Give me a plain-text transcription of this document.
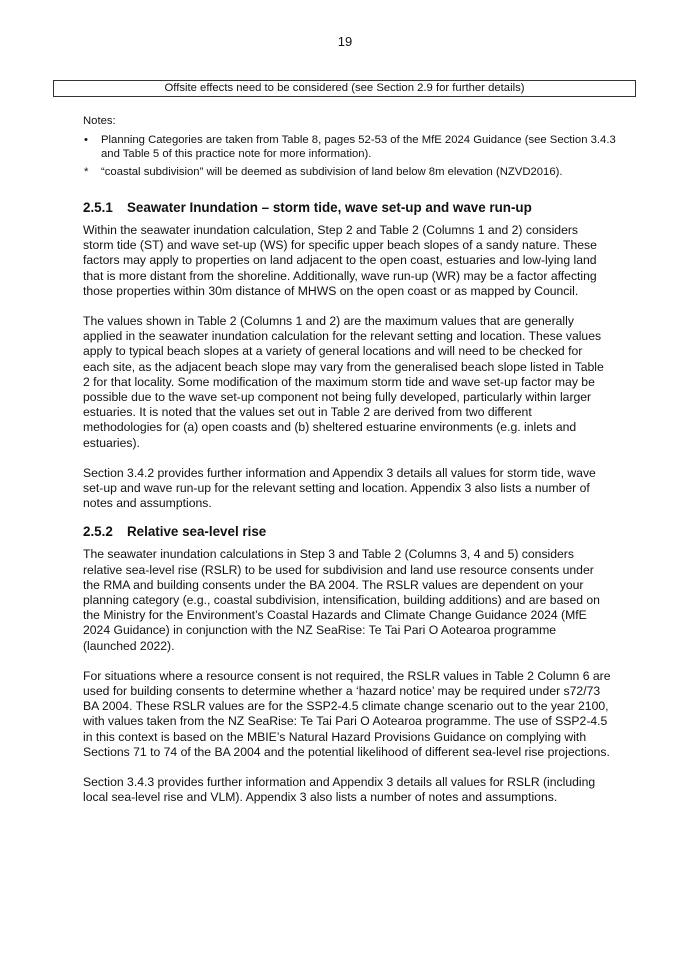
19
Offsite effects need to be considered (see Section 2.9 for further details)
Notes:
• Planning Categories are taken from Table 8, pages 52-53 of the MfE 2024 Guidance (see Section 3.4.3 and Table 5 of this practice note for more information).
* “coastal subdivision” will be deemed as subdivision of land below 8m elevation (NZVD2016).
2.5.1 Seawater Inundation – storm tide, wave set-up and wave run-up

Within the seawater inundation calculation, Step 2 and Table 2 (Columns 1 and 2) considers storm tide (ST) and wave set-up (WS) for specific upper beach slopes of a sandy nature. These factors may apply to properties on land adjacent to the open coast, estuaries and low-lying land that is more distant from the shoreline. Additionally, wave run-up (WR) may be a factor affecting those properties within 30m distance of MHWS on the open coast or as mapped by Council.

The values shown in Table 2 (Columns 1 and 2) are the maximum values that are generally applied in the seawater inundation calculation for the relevant setting and location. These values apply to typical beach slopes at a variety of general locations and will need to be checked for each site, as the adjacent beach slope may vary from the generalised beach slope listed in Table 2 for that locality. Some modification of the maximum storm tide and wave set-up factor may be possible due to the wave set-up component not being fully developed, particularly within larger estuaries. It is noted that the values set out in Table 2 are derived from two different methodologies for (a) open coasts and (b) sheltered estuarine environments (e.g. inlets and estuaries).

Section 3.4.2 provides further information and Appendix 3 details all values for storm tide, wave set-up and wave run-up for the relevant setting and location. Appendix 3 also lists a number of notes and assumptions.

2.5.2 Relative sea-level rise

The seawater inundation calculations in Step 3 and Table 2 (Columns 3, 4 and 5) considers relative sea-level rise (RSLR) to be used for subdivision and land use resource consents under the RMA and building consents under the BA 2004. The RSLR values are dependent on your planning category (e.g., coastal subdivision, intensification, building additions) and are based on the Ministry for the Environment’s Coastal Hazards and Climate Change Guidance 2024 (MfE 2024 Guidance) in conjunction with the NZ SeaRise: Te Tai Pari O Aotearoa programme (launched 2022).

For situations where a resource consent is not required, the RSLR values in Table 2 Column 6 are used for building consents to determine whether a ‘hazard notice’ may be required under s72/73 BA 2004. These RSLR values are for the SSP2-4.5 climate change scenario out to the year 2100, with values taken from the NZ SeaRise: Te Tai Pari O Aotearoa programme. The use of SSP2-4.5 in this context is based on the MBIE’s Natural Hazard Provisions Guidance on complying with Sections 71 to 74 of the BA 2004 and the potential likelihood of different sea-level rise projections.

Section 3.4.3 provides further information and Appendix 3 details all values for RSLR (including local sea-level rise and VLM). Appendix 3 also lists a number of notes and assumptions.
